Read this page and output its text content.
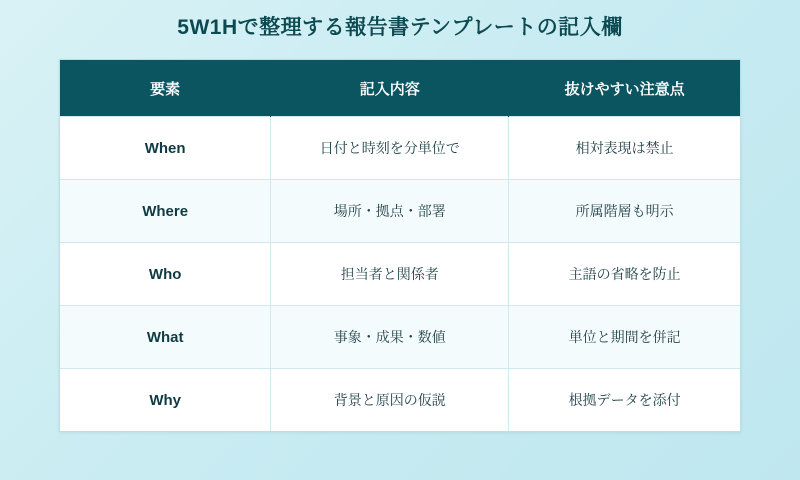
5W1Hで整理する報告書テンプレートの記入欄
要素	記入内容	抜けやすい注意点
When	日付と時刻を分単位で	相対表現は禁止
Where	場所・拠点・部署	所属階層も明示
Who	担当者と関係者	主語の省略を防止
What	事象・成果・数値	単位と期間を併記
Why	背景と原因の仮説	根拠データを添付
